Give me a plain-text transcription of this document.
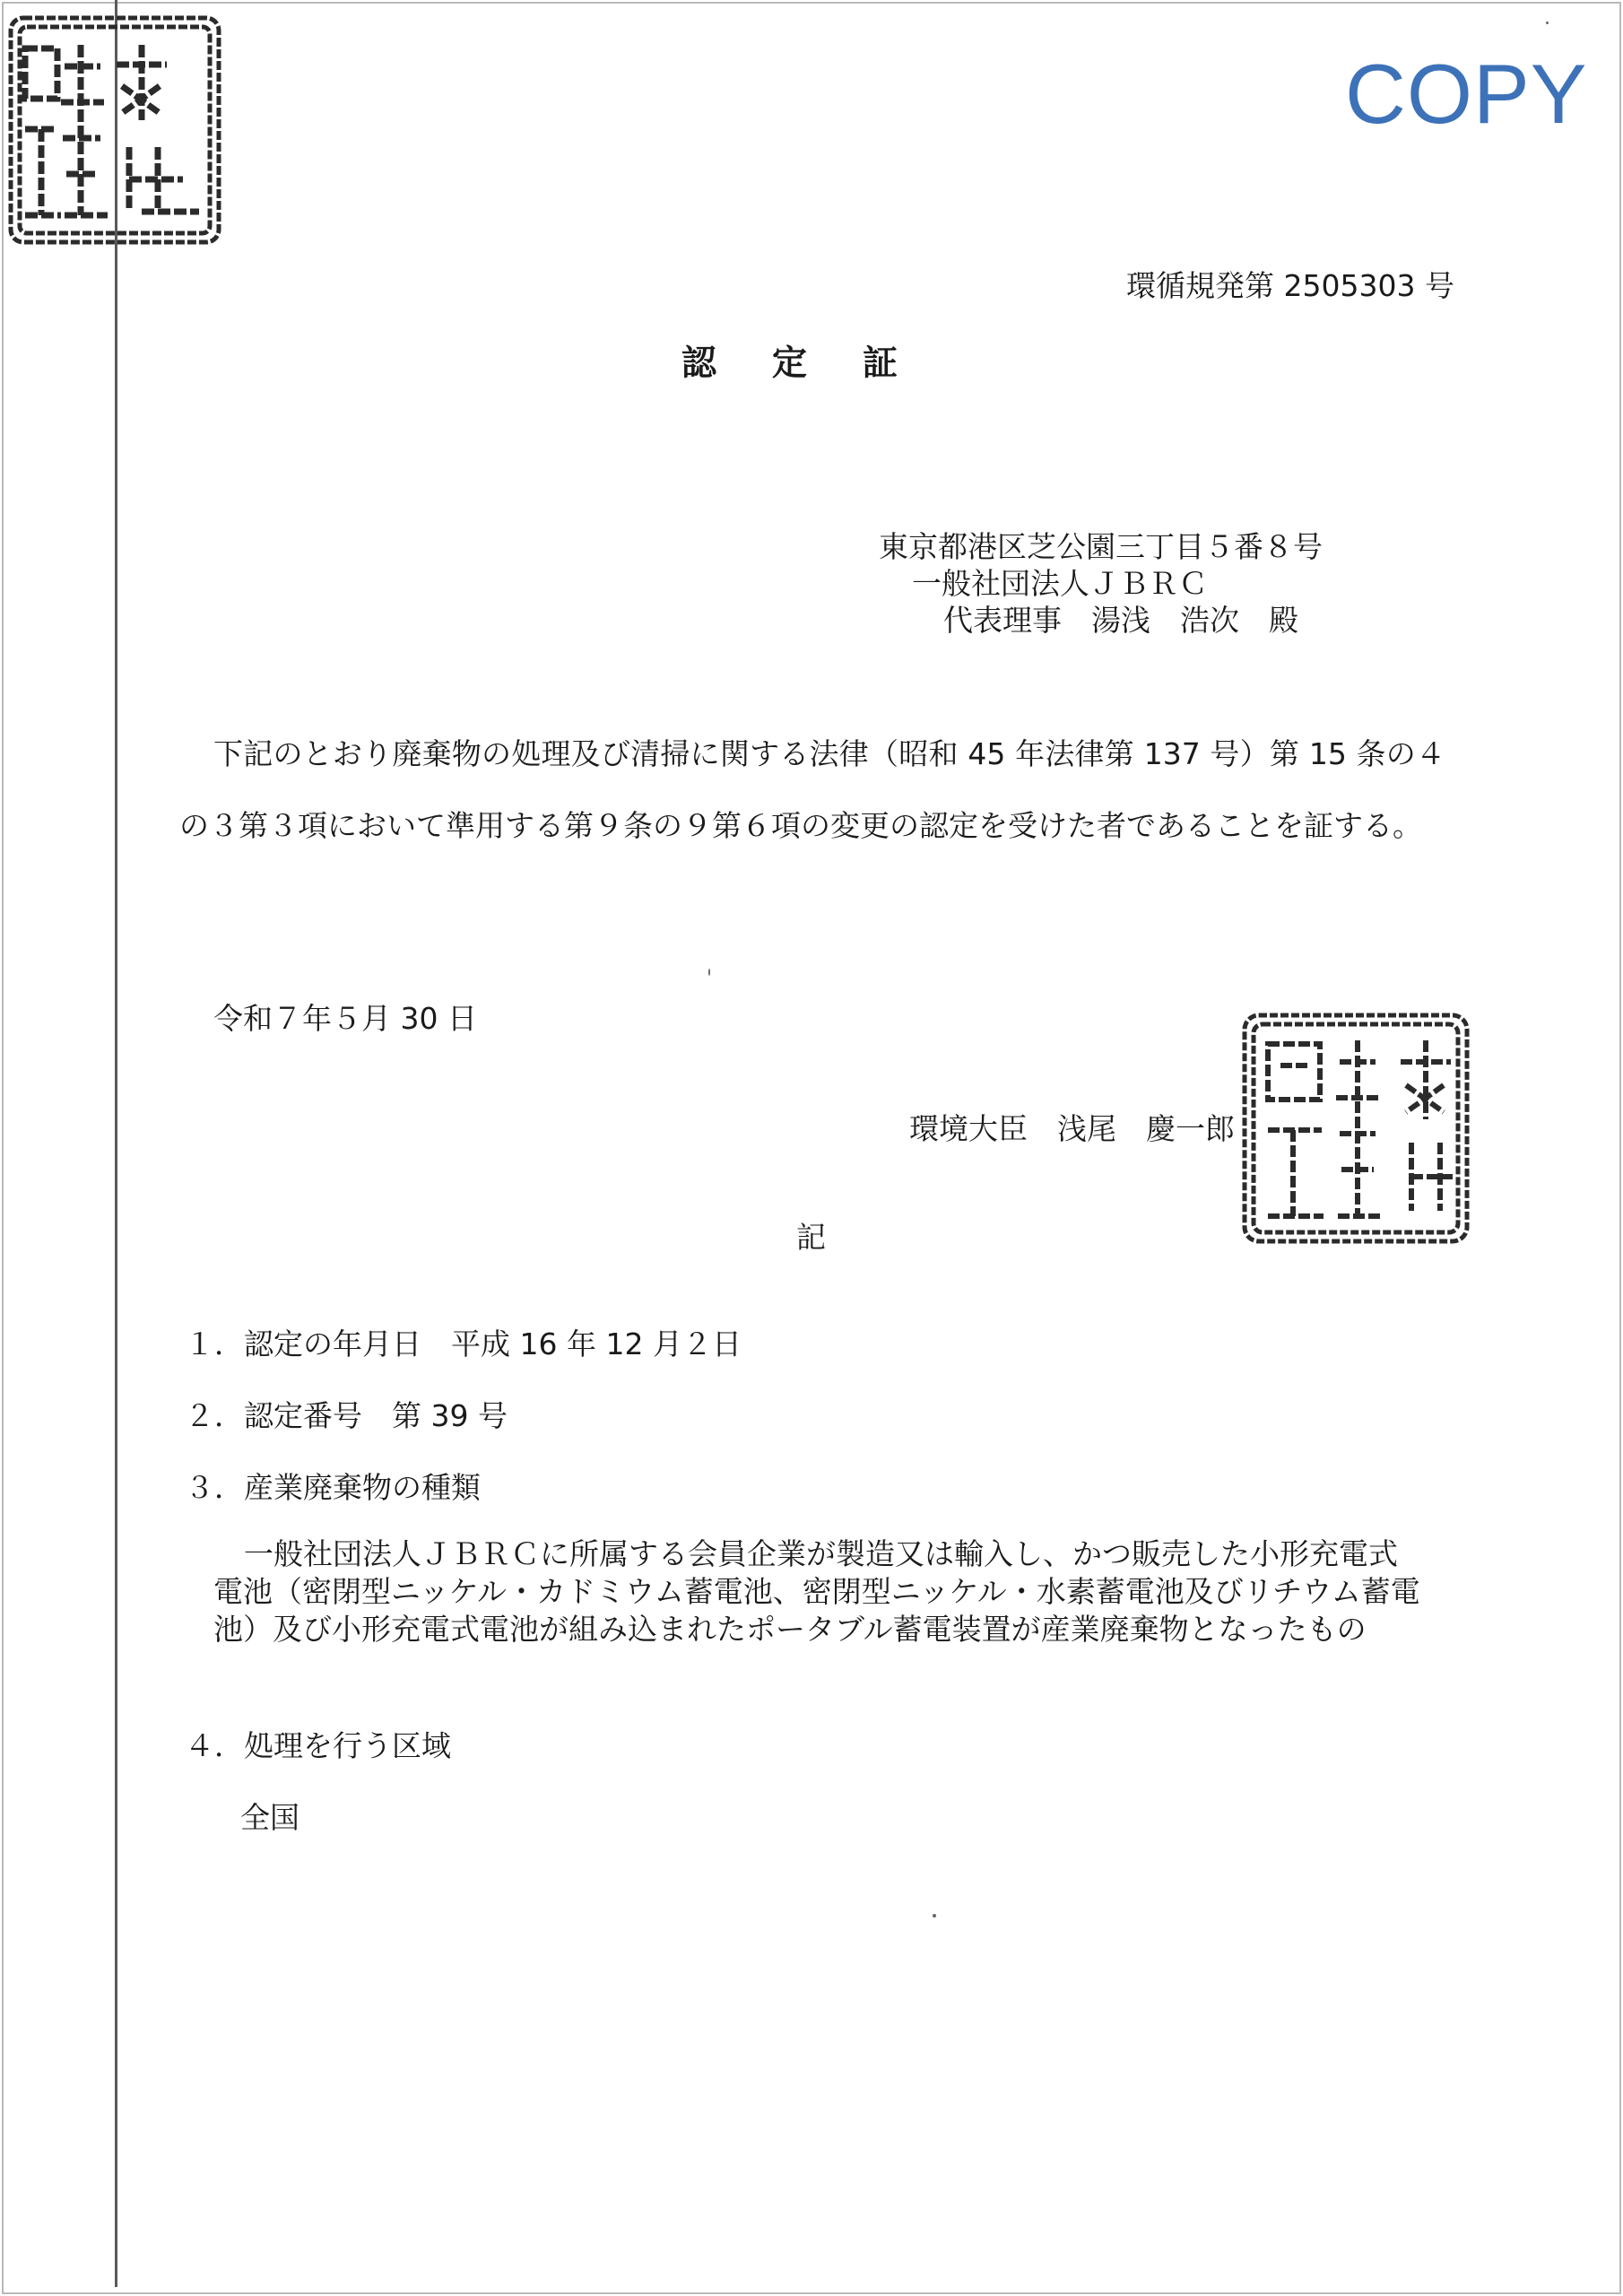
COPY
環循規発第 2505303 号
認 定 証
東京都港区芝公園三丁目５番８号
一般社団法人ＪＢＲＣ
代表理事　湯浅　浩次　殿

下記のとおり廃棄物の処理及び清掃に関する法律（昭和 45 年法律第 137 号）第 15 条の４の３第３項において準用する第９条の９第６項の変更の認定を受けた者であることを証する。

令和７年５月 30 日
環境大臣　浅尾　慶一郎
記
１．認定の年月日　平成 16 年 12 月２日
２．認定番号　第 39 号
３．産業廃棄物の種類

一般社団法人ＪＢＲＣに所属する会員企業が製造又は輸入し、かつ販売した小形充電式電池（密閉型ニッケル・カドミウム蓄電池、密閉型ニッケル・水素蓄電池及びリチウム蓄電池）及び小形充電式電池が組み込まれたポータブル蓄電装置が産業廃棄物となったもの

４．処理を行う区域
全国
